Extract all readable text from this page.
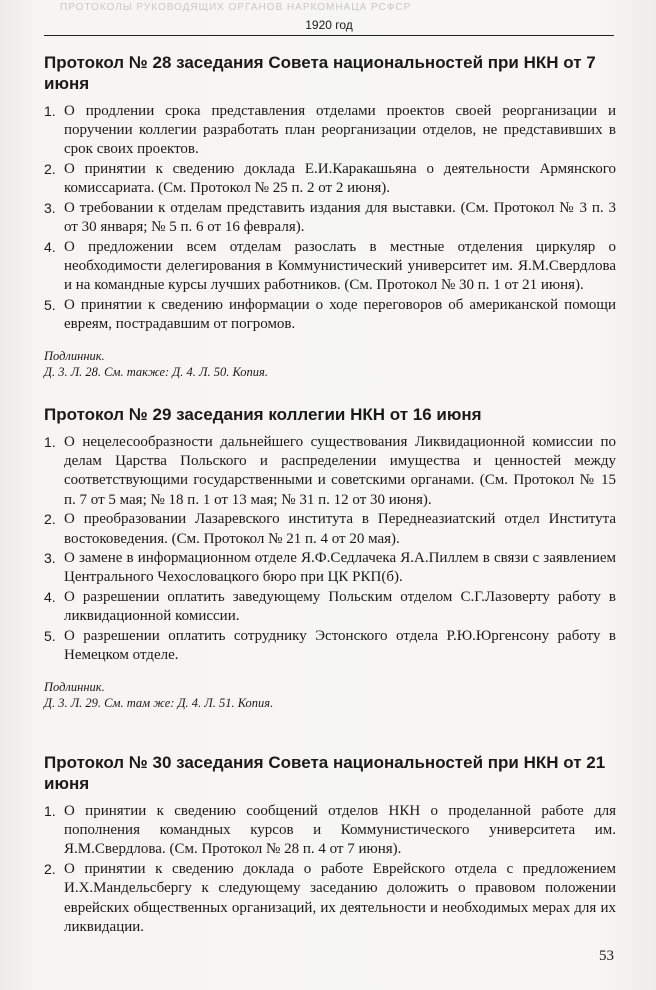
ПРОТОКОЛЫ РУКОВОДЯЩИХ ОРГАНОВ НАРКОМНАЦА РСФСР
1920 год
Протокол № 28 заседания Совета национальностей при НКН от 7 июня
1. О продлении срока представления отделами проектов своей реорганизации и поручении коллегии разработать план реорганизации отделов, не представивших в срок своих проектов.
2. О принятии к сведению доклада Е.И.Каракашьяна о деятельности Армянского комиссариата. (См. Протокол № 25 п. 2 от 2 июня).
3. О требовании к отделам представить издания для выставки. (См. Протокол № 3 п. 3 от 30 января; № 5 п. 6 от 16 февраля).
4. О предложении всем отделам разослать в местные отделения циркуляр о необходимости делегирования в Коммунистический университет им. Я.М.Свердлова и на командные курсы лучших работников. (См. Протокол № 30 п. 1 от 21 июня).
5. О принятии к сведению информации о ходе переговоров об американской помощи евреям, пострадавшим от погромов.
Подлинник.
Д. 3. Л. 28. См. также: Д. 4. Л. 50. Копия.
Протокол № 29 заседания коллегии НКН от 16 июня
1. О нецелесообразности дальнейшего существования Ликвидационной комиссии по делам Царства Польского и распределении имущества и ценностей между соответствующими государственными и советскими органами. (См. Протокол № 15 п. 7 от 5 мая; № 18 п. 1 от 13 мая; № 31 п. 12 от 30 июня).
2. О преобразовании Лазаревского института в Переднеазиатский отдел Института востоковедения. (См. Протокол № 21 п. 4 от 20 мая).
3. О замене в информационном отделе Я.Ф.Седлачека Я.А.Пиллем в связи с заявлением Центрального Чехословацкого бюро при ЦК РКП(б).
4. О разрешении оплатить заведующему Польским отделом С.Г.Лазоверту работу в ликвидационной комиссии.
5. О разрешении оплатить сотруднику Эстонского отдела Р.Ю.Юргенсону работу в Немецком отделе.
Подлинник.
Д. 3. Л. 29. См. там же: Д. 4. Л. 51. Копия.
Протокол № 30 заседания Совета национальностей при НКН от 21 июня
1. О принятии к сведению сообщений отделов НКН о проделанной работе для пополнения командных курсов и Коммунистического университета им. Я.М.Свердлова. (См. Протокол № 28 п. 4 от 7 июня).
2. О принятии к сведению доклада о работе Еврейского отдела с предложением И.Х.Мандельсбергу к следующему заседанию доложить о правовом положении еврейских общественных организаций, их деятельности и необходимых мерах для их ликвидации.
53
